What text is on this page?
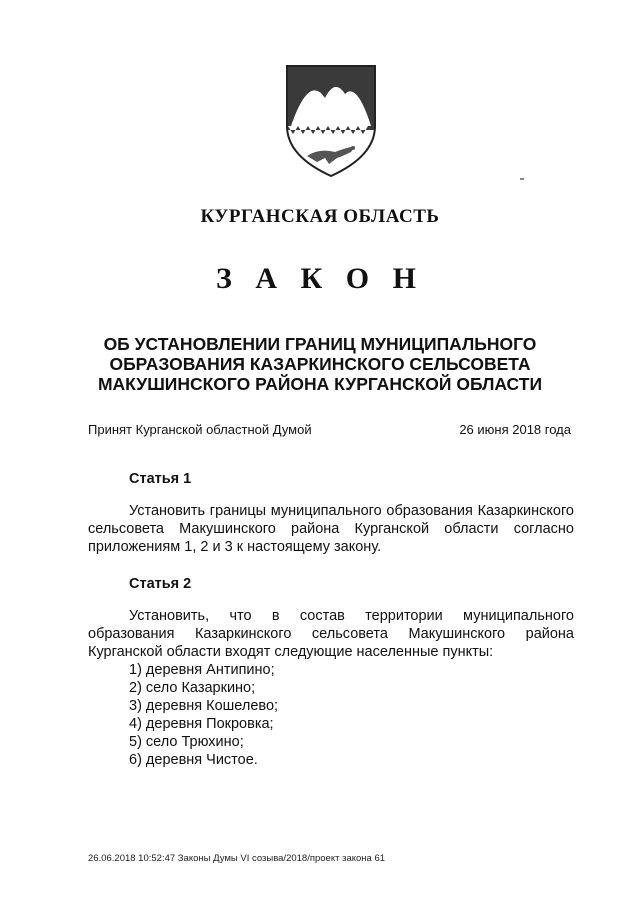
КУРГАНСКАЯ ОБЛАСТЬ
З А К О Н
ОБ УСТАНОВЛЕНИИ ГРАНИЦ МУНИЦИПАЛЬНОГО
ОБРАЗОВАНИЯ КАЗАРКИНСКОГО СЕЛЬСОВЕТА
МАКУШИНСКОГО РАЙОНА КУРГАНСКОЙ ОБЛАСТИ
Принят Курганской областной Думой	26 июня 2018 года
Статья 1

Установить границы муниципального образования Казаркинского сельсовета Макушинского района Курганской области согласно приложениям 1, 2 и 3 к настоящему закону.

Статья 2

Установить, что в состав территории муниципального образования Казаркинского сельсовета Макушинского района Курганской области входят следующие населенные пункты:

1) деревня Антипино;
2) село Казаркино;
3) деревня Кошелево;
4) деревня Покровка;
5) село Трюхино;
6) деревня Чистое.
26.06.2018 10:52:47 Законы Думы VI созыва/2018/проект закона 61
